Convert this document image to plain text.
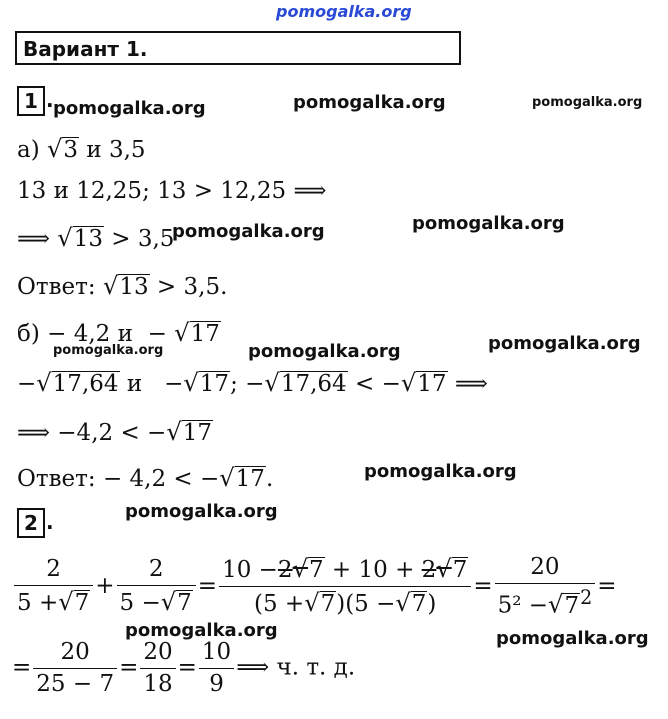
pomogalka.org
Вариант 1.
1 . pomogalka.org	pomogalka.org	pomogalka.org
а) √3 и 3,5
13 и 12,25; 13 > 12,25 ⟹
⟹ √13 > 3,5
pomogalka.org	pomogalka.org
Ответ: √13 > 3,5.
б) − 4,2 и − √17
pomogalka.org	pomogalka.org	pomogalka.org
−√17,64 и −√17; −√17,64 < −√17 ⟹
⟹ −4,2 < −√17
Ответ: − 4,2 < −√17.	pomogalka.org
2 .	pomogalka.org
$\frac{2}{5 +√7} + \frac{2}{5 -√7} = \frac{10 -2√7 + 10 + 2√7}{(5 +√7)(5 -√7)} = \frac{20}{5^2 -√7^2}$ =
pomogalka.org	pomogalka.org
= $\frac{20}{25 - 7} = \frac{20}{18} = \frac{10}{9}$ ⟹ ч. т. д.
